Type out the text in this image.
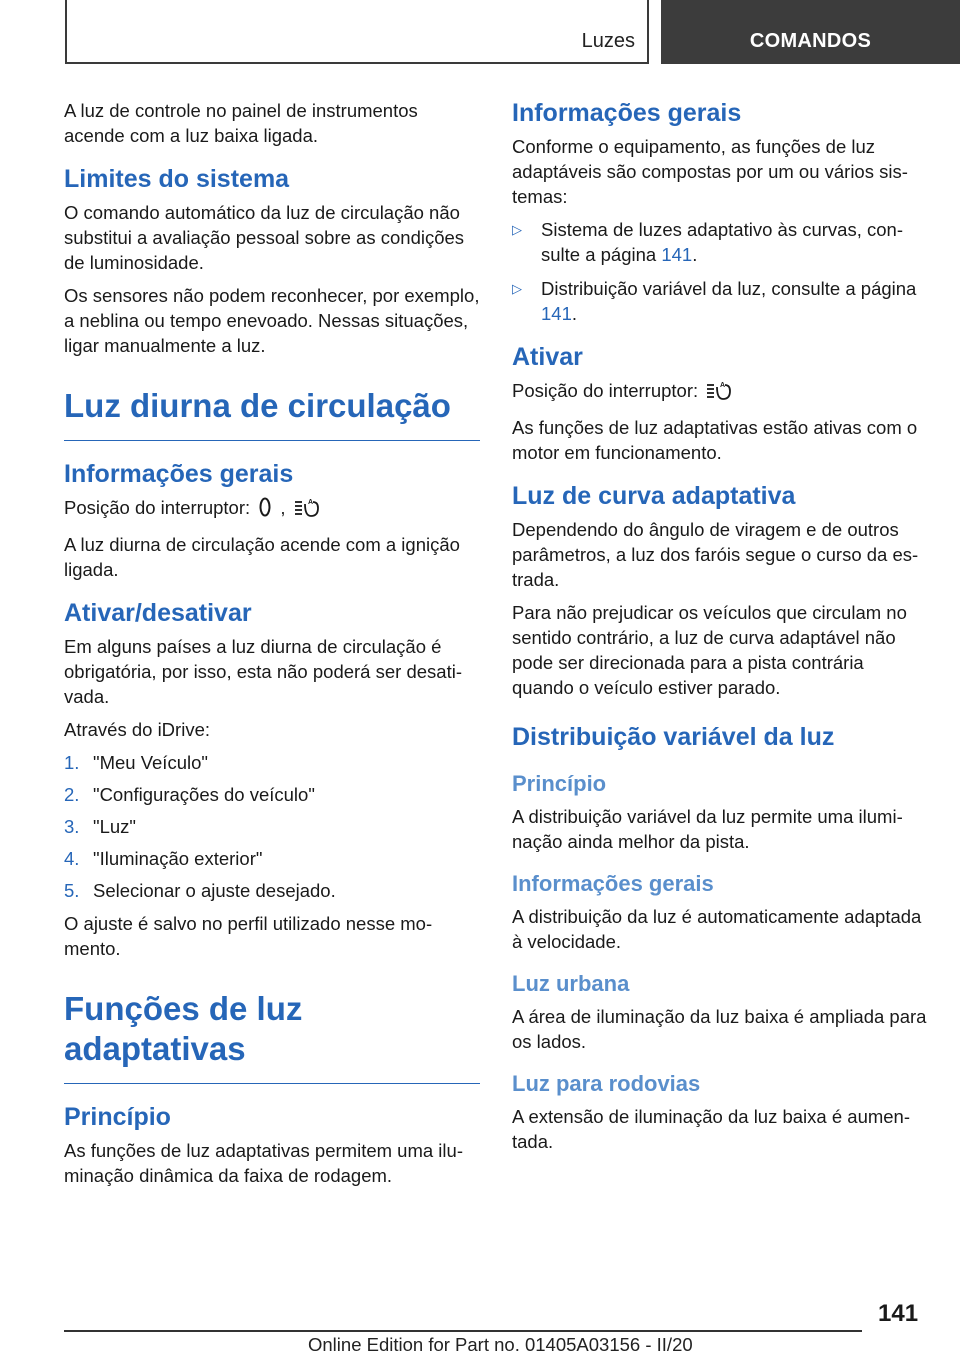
Luzes	COMANDOS

A luz de controle no painel de instrumentos acende com a luz baixa ligada.

Limites do sistema

O comando automático da luz de circulação não substitui a avaliação pessoal sobre as condições de luminosidade.

Os sensores não podem reconhecer, por exemplo, a neblina ou tempo enevoado. Nessas situações, ligar manualmente a luz.

Luz diurna de circulação
Informações gerais

Posição do interruptor: ,	A

A luz diurna de circulação acende com a ignição ligada.

Ativar/desativar

Em alguns países a luz diurna de circulação é obrigatória, por isso, esta não poderá ser desativada.

Através do iDrive:

1. "Meu Veículo"
2. "Configurações do veículo"
3. "Luz"
4. "Iluminação exterior"
5. Selecionar o ajuste desejado.

O ajuste é salvo no perfil utilizado nesse momento.

Funções de luz adaptativas
Princípio

As funções de luz adaptativas permitem uma iluminação dinâmica da faixa de rodagem.

Informações gerais

Conforme o equipamento, as funções de luz adaptáveis são compostas por um ou vários sistemas:

▷	Sistema de luzes adaptativo às curvas, consulte a página 141.
▷	Distribuição variável da luz, consulte a página 141.
Ativar

Posição do interruptor:	A

As funções de luz adaptativas estão ativas com o motor em funcionamento.

Luz de curva adaptativa

Dependendo do ângulo de viragem e de outros parâmetros, a luz dos faróis segue o curso da estrada.

Para não prejudicar os veículos que circulam no sentido contrário, a luz de curva adaptável não pode ser direcionada para a pista contrária quando o veículo estiver parado.

Distribuição variável da luz
Princípio

A distribuição variável da luz permite uma iluminação ainda melhor da pista.

Informações gerais

A distribuição da luz é automaticamente adaptada à velocidade.

Luz urbana

A área de iluminação da luz baixa é ampliada para os lados.

Luz para rodovias

A extensão de iluminação da luz baixa é aumentada.

141
Online Edition for Part no. 01405A03156 - II/20
